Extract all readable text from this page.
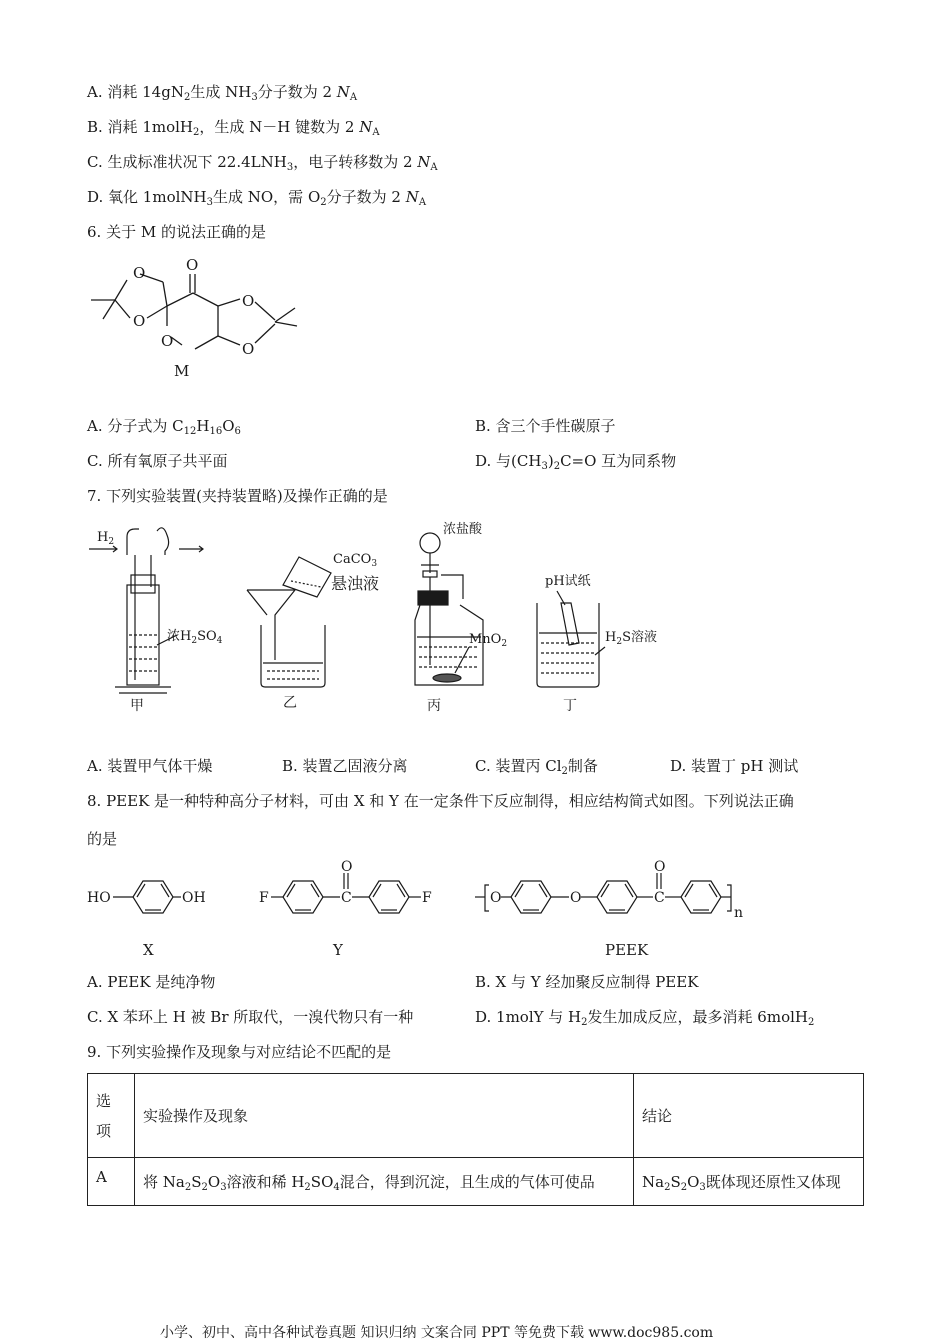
A. 消耗 $14gN_2$生成 $NH_3$分子数为 2 $N_A$
B. 消耗 1molH$_2$，生成 N－H 键数为 2 $N_A$
C. 生成标准状况下 $22.4LNH_3$，电子转移数为 2 $N_A$
D. 氧化 1molNH$_3$生成 NO，需 $O_2$分子数为 2 $N_A$
6. 关于 M 的说法正确的是
O
O
O
O
O
O
M
A. 分子式为 $C_{12}H_{16}O_6$	B. 含三个手性碳原子
C. 所有氧原子共平面	D. 与$(CH_3)_2C=O$ 互为同系物
7. 下列实验装置(夹持装置略)及操作正确的是
$H_2$
浓$H_2SO_4$
CaCO$_3$
悬浊液
浓盐酸
MnO$_2$
pH试纸
$H_2S$溶液
甲	乙	丙	丁
A. 装置甲气体干燥	B. 装置乙固液分离	C. 装置丙 $Cl_2$制备	D. 装置丁 pH 测试
8. PEEK 是一种特种高分子材料，可由 X 和 Y 在一定条件下反应制得，相应结构简式如图。下列说法正确
的是
HO	OH	F	C
O
F	O	O	C
O
n
X	Y	PEEK
A. PEEK 是纯净物	B. X 与 Y 经加聚反应制得 PEEK
C. X 苯环上 H 被 Br 所取代，一溴代物只有一种	D. 1molY 与 $H_2$发生加成反应，最多消耗 6molH$_2$
9. 下列实验操作及现象与对应结论不匹配的是
选
项	实验操作及现象	结论
A	将 $Na_2S_2O_3$溶液和稀 $H_2SO_4$混合，得到沉淀，且生成的气体可使品	$Na_2S_2O_3$既体现还原性又体现
小学、初中、高中各种试卷真题 知识归纳 文案合同 PPT 等免费下载 www.doc985.com
